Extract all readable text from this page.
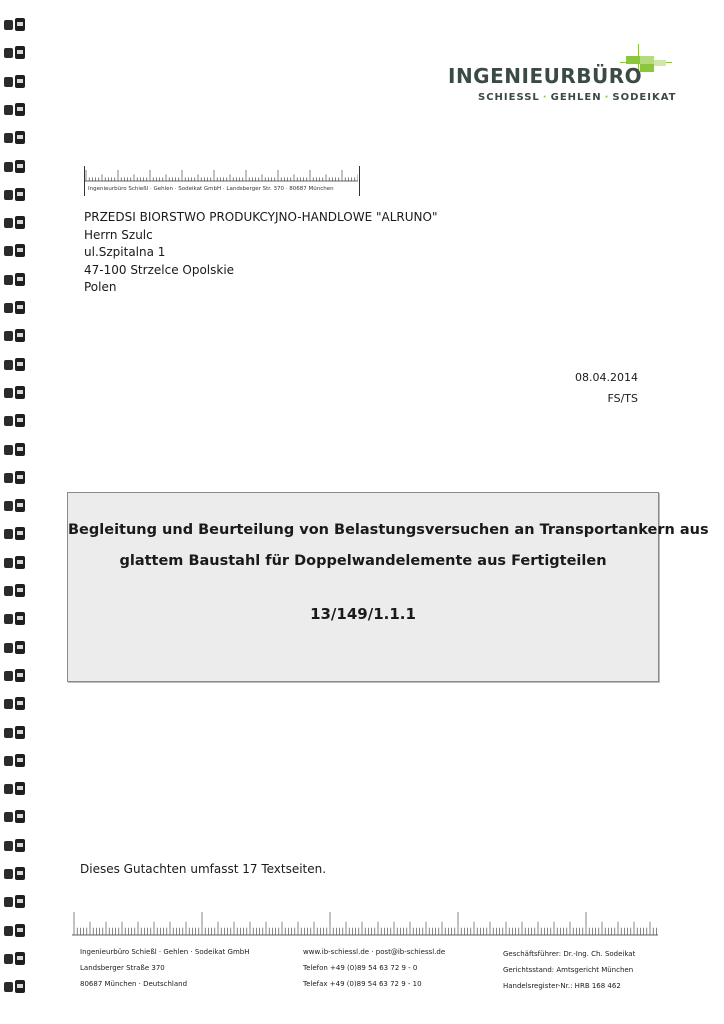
INGENIEURBÜRO
SCHIESSL · GEHLEN · SODEIKAT
Ingenieurbüro Schießl · Gehlen · Sodeikat GmbH · Landsberger Str. 370 · 80687 München
PRZEDSI BIORSTWO PRODUKCYJNO-HANDLOWE "ALRUNO"
Herrn Szulc
ul.Szpitalna 1
47-100 Strzelce Opolskie
Polen
08.04.2014
FS/TS
Begleitung und Beurteilung von Belastungsversuchen an Transportankern aus
glattem Baustahl für Doppelwandelemente aus Fertigteilen
13/149/1.1.1
Dieses Gutachten umfasst 17 Textseiten.
Ingenieurbüro Schießl · Gehlen · Sodeikat GmbH
Landsberger Straße 370
80687 München · Deutschland
www.ib-schiessl.de · post@ib-schiessl.de
Telefon +49 (0)89 54 63 72 9 - 0
Telefax +49 (0)89 54 63 72 9 - 10
Geschäftsführer: Dr.-Ing. Ch. Sodeikat
Gerichtsstand: Amtsgericht München
Handelsregister-Nr.: HRB 168 462
